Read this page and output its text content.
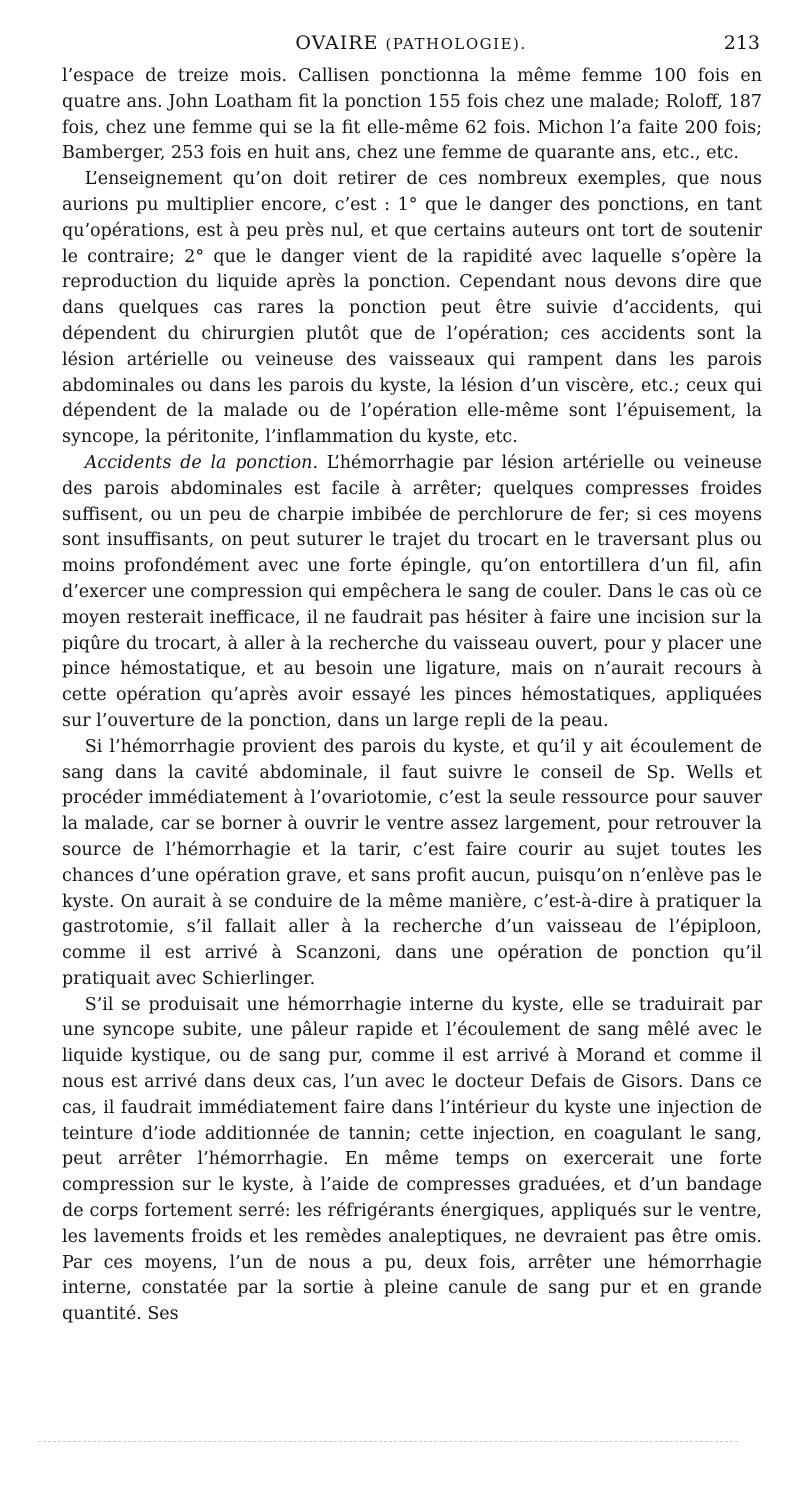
OVAIRE (PATHOLOGIE).	213

l’espace de treize mois. Callisen ponctionna la même femme 100 fois en quatre ans. John Loatham fit la ponction 155 fois chez une malade; Roloff, 187 fois, chez une femme qui se la fit elle-même 62 fois. Michon l’a faite 200 fois; Bamberger, 253 fois en huit ans, chez une femme de quarante ans, etc., etc.

L’enseignement qu’on doit retirer de ces nombreux exemples, que nous aurions pu multiplier encore, c’est : 1° que le danger des ponctions, en tant qu’opérations, est à peu près nul, et que certains auteurs ont tort de soutenir le contraire; 2° que le danger vient de la rapidité avec laquelle s’opère la reproduction du liquide après la ponction. Cependant nous devons dire que dans quelques cas rares la ponction peut être suivie d’accidents, qui dépendent du chirurgien plutôt que de l’opération; ces accidents sont la lésion artérielle ou veineuse des vaisseaux qui rampent dans les parois abdominales ou dans les parois du kyste, la lésion d’un viscère, etc.; ceux qui dépendent de la malade ou de l’opération elle-même sont l’épuisement, la syncope, la péritonite, l’inflammation du kyste, etc.

Accidents de la ponction. L’hémorrhagie par lésion artérielle ou veineuse des parois abdominales est facile à arrêter; quelques compresses froides suffisent, ou un peu de charpie imbibée de perchlorure de fer; si ces moyens sont insuffisants, on peut suturer le trajet du trocart en le traversant plus ou moins profondément avec une forte épingle, qu’on entortillera d’un fil, afin d’exercer une compression qui empêchera le sang de couler. Dans le cas où ce moyen resterait inefficace, il ne faudrait pas hésiter à faire une incision sur la piqûre du trocart, à aller à la recherche du vaisseau ouvert, pour y placer une pince hémostatique, et au besoin une ligature, mais on n’aurait recours à cette opération qu’après avoir essayé les pinces hémostatiques, appliquées sur l’ouverture de la ponction, dans un large repli de la peau.

Si l’hémorrhagie provient des parois du kyste, et qu’il y ait écoulement de sang dans la cavité abdominale, il faut suivre le conseil de Sp. Wells et procéder immédiatement à l’ovariotomie, c’est la seule ressource pour sauver la malade, car se borner à ouvrir le ventre assez largement, pour retrouver la source de l’hémorrhagie et la tarir, c’est faire courir au sujet toutes les chances d’une opération grave, et sans profit aucun, puisqu’on n’enlève pas le kyste. On aurait à se conduire de la même manière, c’est-à-dire à pratiquer la gastrotomie, s’il fallait aller à la recherche d’un vaisseau de l’épiploon, comme il est arrivé à Scanzoni, dans une opération de ponction qu’il pratiquait avec Schierlinger.

S’il se produisait une hémorrhagie interne du kyste, elle se traduirait par une syncope subite, une pâleur rapide et l’écoulement de sang mêlé avec le liquide kystique, ou de sang pur, comme il est arrivé à Morand et comme il nous est arrivé dans deux cas, l’un avec le docteur Defais de Gisors. Dans ce cas, il faudrait immédiatement faire dans l’intérieur du kyste une injection de teinture d’iode additionnée de tannin; cette injection, en coagulant le sang, peut arrêter l’hémorrhagie. En même temps on exercerait une forte compression sur le kyste, à l’aide de compresses graduées, et d’un bandage de corps fortement serré: les réfrigérants énergiques, appliqués sur le ventre, les lavements froids et les remèdes analeptiques, ne devraient pas être omis. Par ces moyens, l’un de nous a pu, deux fois, arrêter une hémorrhagie interne, constatée par la sortie à pleine canule de sang pur et en grande quantité. Ses
